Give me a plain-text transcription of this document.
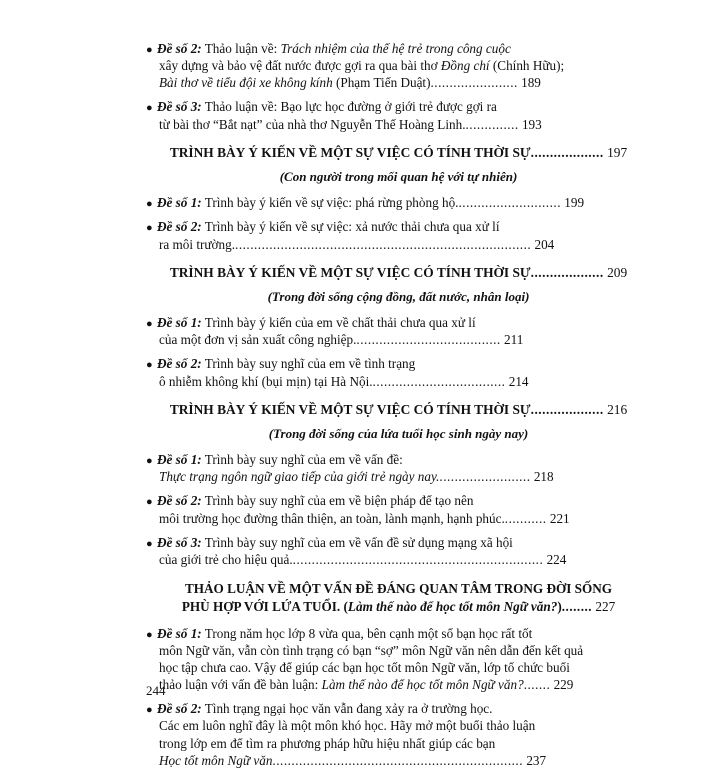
● Đề số 2: Thảo luận về: Trách nhiệm của thế hệ trẻ trong công cuộc
xây dựng và bảo vệ đất nước được gợi ra qua bài thơ Đồng chí (Chính Hữu);
Bài thơ về tiểu đội xe không kính (Phạm Tiến Duật)....................... 189
● Đề số 3: Thảo luận về: Bạo lực học đường ở giới trẻ được gợi ra
từ bài thơ “Bắt nạt” của nhà thơ Nguyễn Thế Hoàng Linh............... 193
TRÌNH BÀY Ý KIẾN VỀ MỘT SỰ VIỆC CÓ TÍNH THỜI SỰ................... 197
(Con người trong mối quan hệ với tự nhiên)
● Đề số 1: Trình bày ý kiến về sự việc: phá rừng phòng hộ............................ 199
● Đề số 2: Trình bày ý kiến về sự việc: xả nước thải chưa qua xử lí
ra môi trường............................................................................... 204
TRÌNH BÀY Ý KIẾN VỀ MỘT SỰ VIỆC CÓ TÍNH THỜI SỰ................... 209
(Trong đời sống cộng đồng, đất nước, nhân loại)
● Đề số 1: Trình bày ý kiến của em về chất thải chưa qua xử lí
của một đơn vị sản xuất công nghiệp....................................... 211
● Đề số 2: Trình bày suy nghĩ của em về tình trạng
ô nhiễm không khí (bụi mịn) tại Hà Nội.................................... 214
TRÌNH BÀY Ý KIẾN VỀ MỘT SỰ VIỆC CÓ TÍNH THỜI SỰ................... 216
(Trong đời sống của lứa tuổi học sinh ngày nay)
● Đề số 1: Trình bày suy nghĩ của em về vấn đề:
Thực trạng ngôn ngữ giao tiếp của giới trẻ ngày nay......................... 218
● Đề số 2: Trình bày suy nghĩ của em về biện pháp để tạo nên
môi trường học đường thân thiện, an toàn, lành mạnh, hạnh phúc............ 221
● Đề số 3: Trình bày suy nghĩ của em về vấn đề sử dụng mạng xã hội
của giới trẻ cho hiệu quả................................................................... 224
THẢO LUẬN VỀ MỘT VẤN ĐỀ ĐÁNG QUAN TÂM TRONG ĐỜI SỐNG
PHÙ HỢP VỚI LỨA TUỔI. (Làm thế nào để học tốt môn Ngữ văn?)........ 227
● Đề số 1: Trong năm học lớp 8 vừa qua, bên cạnh một số bạn học rất tốt
môn Ngữ văn, vẫn còn tình trạng có bạn “sợ” môn Ngữ văn nên dẫn đến kết quả
học tập chưa cao. Vậy để giúp các bạn học tốt môn Ngữ văn, lớp tổ chức buổi
thảo luận với vấn đề bàn luận: Làm thế nào để học tốt môn Ngữ văn?....... 229
● Đề số 2: Tình trạng ngại học văn vẫn đang xảy ra ở trường học.
Các em luôn nghĩ đây là một môn khó học. Hãy mở một buổi thảo luận
trong lớp em để tìm ra phương pháp hữu hiệu nhất giúp các bạn
Học tốt môn Ngữ văn.................................................................. 237
244
